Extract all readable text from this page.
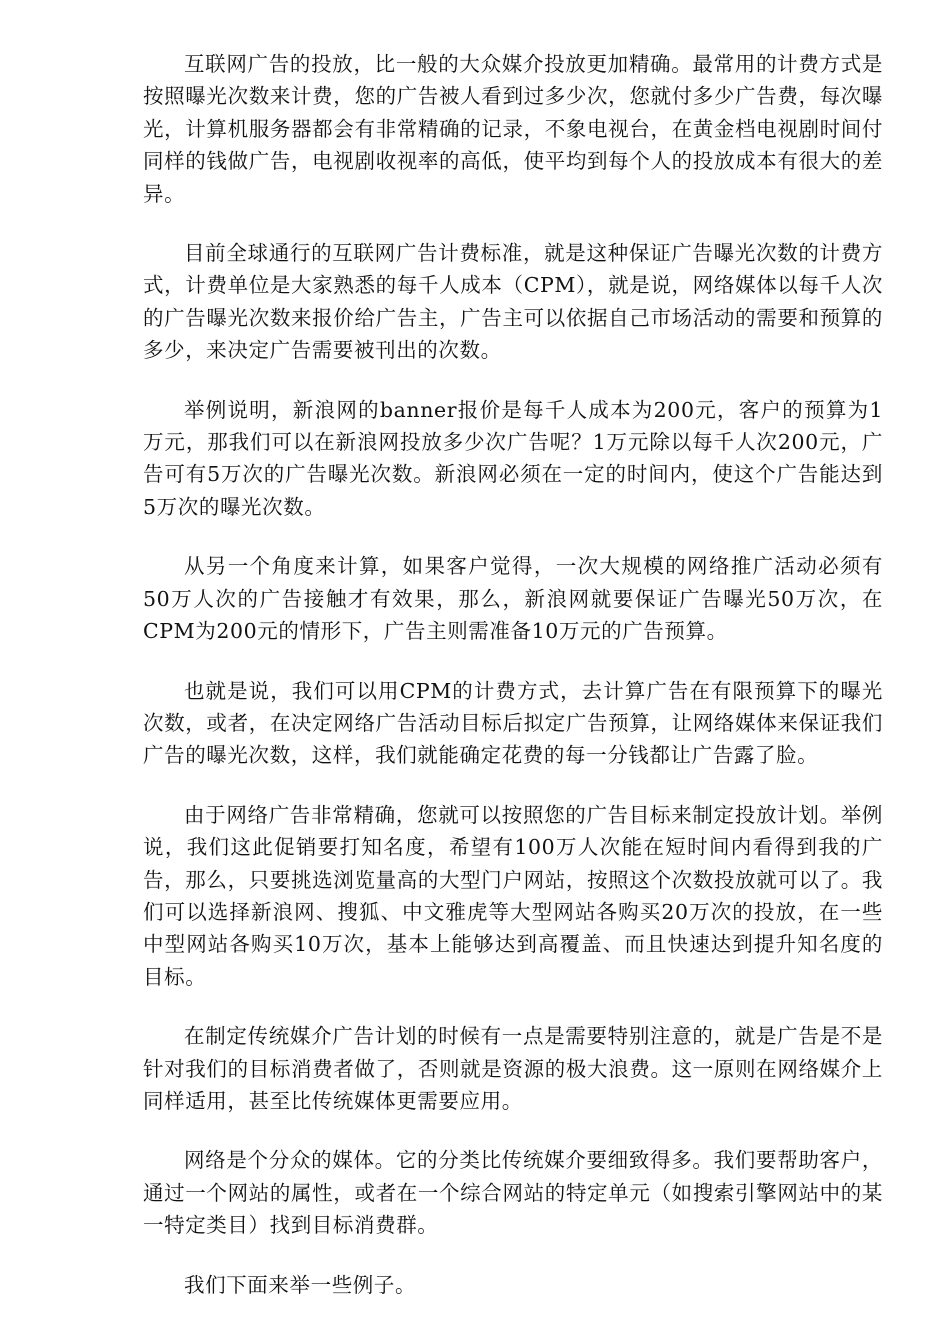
互联网广告的投放，比一般的大众媒介投放更加精确。最常用的计费方式是按照曝光次数来计费，您的广告被人看到过多少次，您就付多少广告费，每次曝光，计算机服务器都会有非常精确的记录，不象电视台，在黄金档电视剧时间付同样的钱做广告，电视剧收视率的高低，使平均到每个人的投放成本有很大的差异。

目前全球通行的互联网广告计费标准，就是这种保证广告曝光次数的计费方式，计费单位是大家熟悉的每千人成本（CPM），就是说，网络媒体以每千人次的广告曝光次数来报价给广告主，广告主可以依据自己市场活动的需要和预算的多少，来决定广告需要被刊出的次数。

举例说明，新浪网的banner报价是每千人成本为200元，客户的预算为1万元，那我们可以在新浪网投放多少次广告呢？1万元除以每千人次200元，广告可有5万次的广告曝光次数。新浪网必须在一定的时间内，使这个广告能达到5万次的曝光次数。

从另一个角度来计算，如果客户觉得，一次大规模的网络推广活动必须有50万人次的广告接触才有效果，那么，新浪网就要保证广告曝光50万次，在CPM为200元的情形下，广告主则需准备10万元的广告预算。

也就是说，我们可以用CPM的计费方式，去计算广告在有限预算下的曝光次数，或者，在决定网络广告活动目标后拟定广告预算，让网络媒体来保证我们广告的曝光次数，这样，我们就能确定花费的每一分钱都让广告露了脸。

由于网络广告非常精确，您就可以按照您的广告目标来制定投放计划。举例说，我们这此促销要打知名度，希望有100万人次能在短时间内看得到我的广告，那么，只要挑选浏览量高的大型门户网站，按照这个次数投放就可以了。我们可以选择新浪网、搜狐、中文雅虎等大型网站各购买20万次的投放，在一些中型网站各购买10万次，基本上能够达到高覆盖、而且快速达到提升知名度的目标。

在制定传统媒介广告计划的时候有一点是需要特别注意的，就是广告是不是针对我们的目标消费者做了，否则就是资源的极大浪费。这一原则在网络媒介上同样适用，甚至比传统媒体更需要应用。

网络是个分众的媒体。它的分类比传统媒介要细致得多。我们要帮助客户，通过一个网站的属性，或者在一个综合网站的特定单元（如搜索引擎网站中的某一特定类目）找到目标消费群。

我们下面来举一些例子。
